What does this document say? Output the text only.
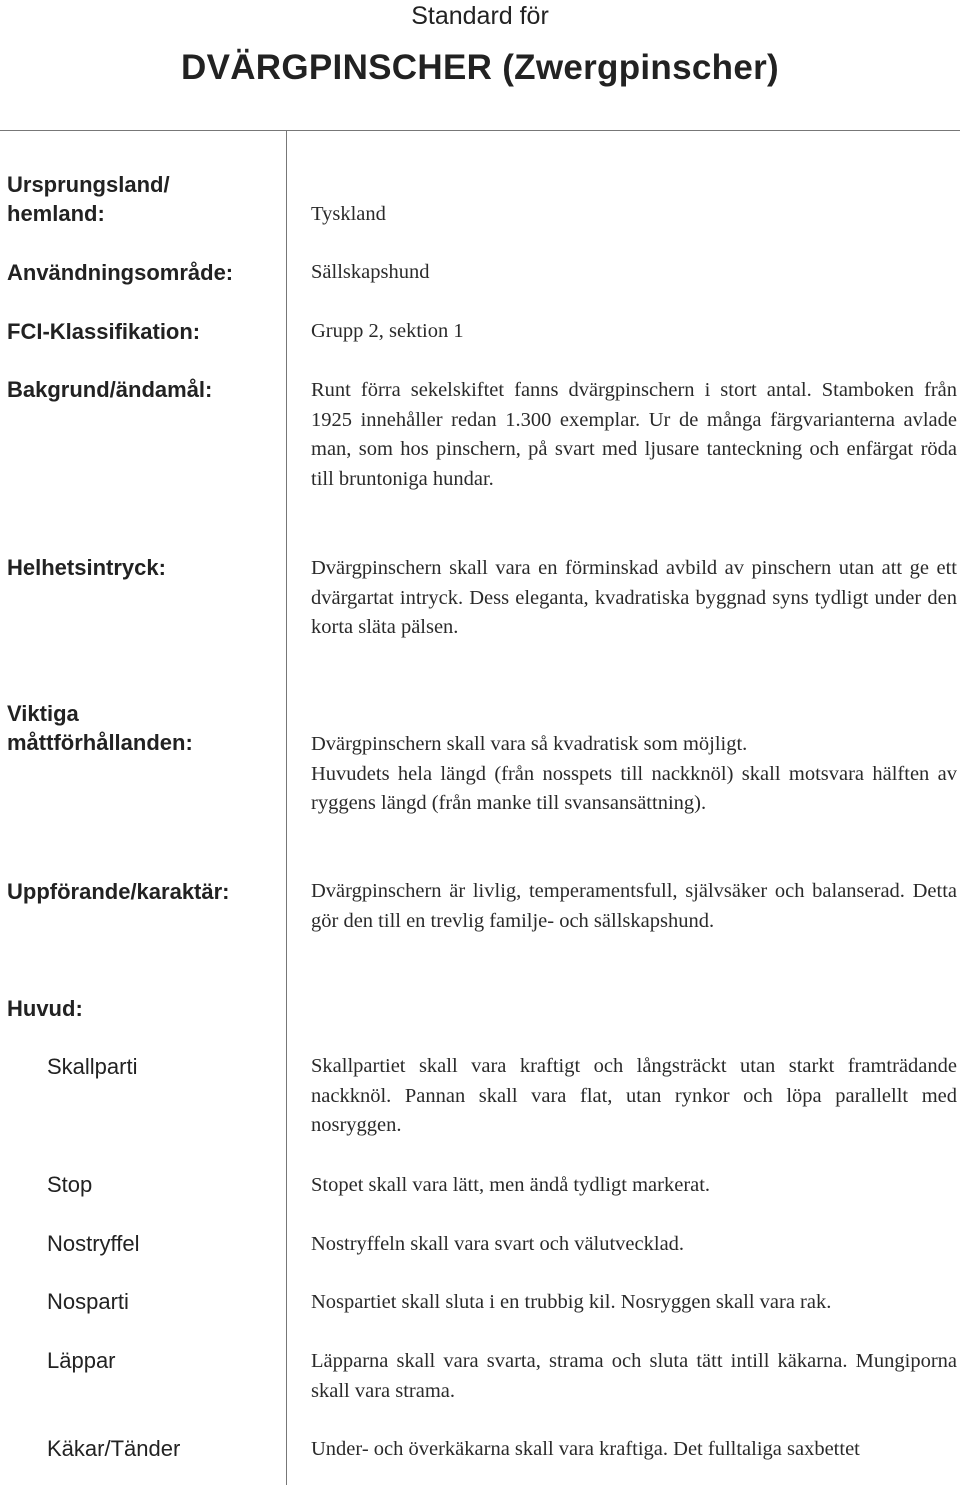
Standard för
DVÄRGPINSCHER (Zwergpinscher)
Ursprungsland/
hemland:	Tyskland
Användningsområde:	Sällskapshund
FCI-Klassifikation:	Grupp 2, sektion 1
Bakgrund/ändamål:	Runt förra sekelskiftet fanns dvärgpinschern i stort antal. Stamboken från 1925 innehåller redan 1.300 exemplar. Ur de många färgvarianterna avlade man, som hos pinschern, på svart med ljusare tanteckning och enfärgat röda till bruntoniga hundar.
Helhetsintryck:	Dvärgpinschern skall vara en förminskad avbild av pinschern utan att ge ett dvärgartat intryck. Dess eleganta, kvadratiska byggnad syns tydligt under den korta släta pälsen.
Viktiga
måttförhållanden:	Dvärgpinschern skall vara så kvadratisk som möjligt.
Huvudets hela längd (från nosspets till nackknöl) skall motsvara hälften av ryggens längd (från manke till svansansättning).
Uppförande/karaktär:	Dvärgpinschern är livlig, temperamentsfull, självsäker och balanserad. Detta gör den till en trevlig familje- och sällskapshund.
Huvud:
Skallparti	Skallpartiet skall vara kraftigt och långsträckt utan starkt framträdande nackknöl. Pannan skall vara flat, utan rynkor och löpa parallellt med nosryggen.
Stop	Stopet skall vara lätt, men ändå tydligt markerat.
Nostryffel	Nostryffeln skall vara svart och välutvecklad.
Nosparti	Nospartiet skall sluta i en trubbig kil. Nosryggen skall vara rak.
Läppar	Läpparna skall vara svarta, strama och sluta tätt intill käkarna. Mungiporna skall vara strama.
Käkar/Tänder	Under- och överkäkarna skall vara kraftiga. Det fulltaliga saxbettet
